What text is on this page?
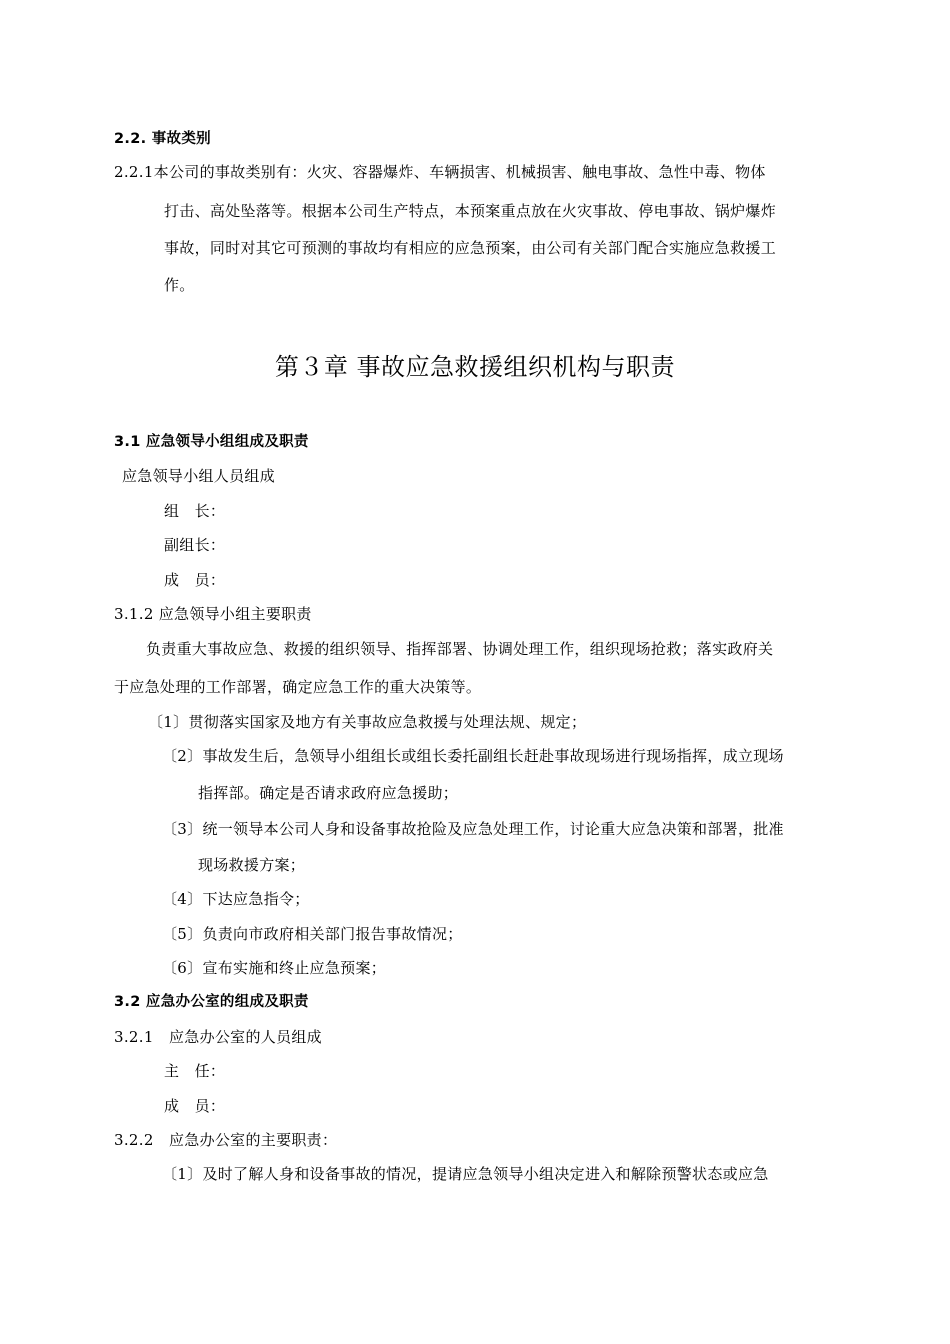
2.2. 事故类别
2.2.1本公司的事故类别有：火灾、容器爆炸、车辆损害、机械损害、触电事故、急性中毒、物体
打击、高处坠落等。根据本公司生产特点，本预案重点放在火灾事故、停电事故、锅炉爆炸
事故，同时对其它可预测的事故均有相应的应急预案，由公司有关部门配合实施应急救援工
作。
第３章 事故应急救援组织机构与职责
3.1 应急领导小组组成及职责
应急领导小组人员组成
组　长：
副组长：
成　员：
3.1.2 应急领导小组主要职责
负责重大事故应急、救援的组织领导、指挥部署、协调处理工作，组织现场抢救；落实政府关
于应急处理的工作部署，确定应急工作的重大决策等。
〔1〕贯彻落实国家及地方有关事故应急救援与处理法规、规定；
〔2〕事故发生后，急领导小组组长或组长委托副组长赶赴事故现场进行现场指挥，成立现场
指挥部。确定是否请求政府应急援助；
〔3〕统一领导本公司人身和设备事故抢险及应急处理工作，讨论重大应急决策和部署，批准
现场救援方案；
〔4〕下达应急指令；
〔5〕负责向市政府相关部门报告事故情况；
〔6〕宣布实施和终止应急预案；
3.2 应急办公室的组成及职责
3.2.1　应急办公室的人员组成
主　任：
成　员：
3.2.2　应急办公室的主要职责：
〔1〕及时了解人身和设备事故的情况，提请应急领导小组决定进入和解除预警状态或应急
